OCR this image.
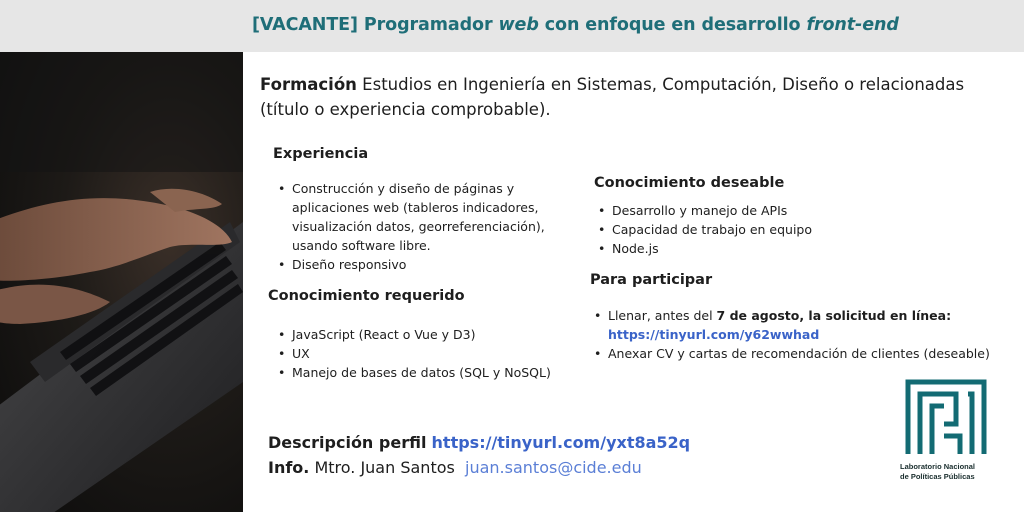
[VACANTE] Programador web con enfoque en desarrollo front-end
Formación Estudios en Ingeniería en Sistemas, Computación, Diseño o relacionadas (título o experiencia comprobable).
Experiencia
• Construcción y diseño de páginas y aplicaciones web (tableros indicadores, visualización datos, georreferenciación), usando software libre.
• Diseño responsivo
Conocimiento requerido
• JavaScript (React o Vue y D3)
• UX
• Manejo de bases de datos (SQL y NoSQL)
Conocimiento deseable
• Desarrollo y manejo de APIs
• Capacidad de trabajo en equipo
• Node.js
Para participar
• Llenar, antes del 7 de agosto, la solicitud en línea:
https://tinyurl.com/y62wwhad
• Anexar CV y cartas de recomendación de clientes (deseable)
Descripción perfil https://tinyurl.com/yxt8a52q
Info. Mtro. Juan Santos  juan.santos@cide.edu	Laboratorio Nacional
de Políticas Públicas
